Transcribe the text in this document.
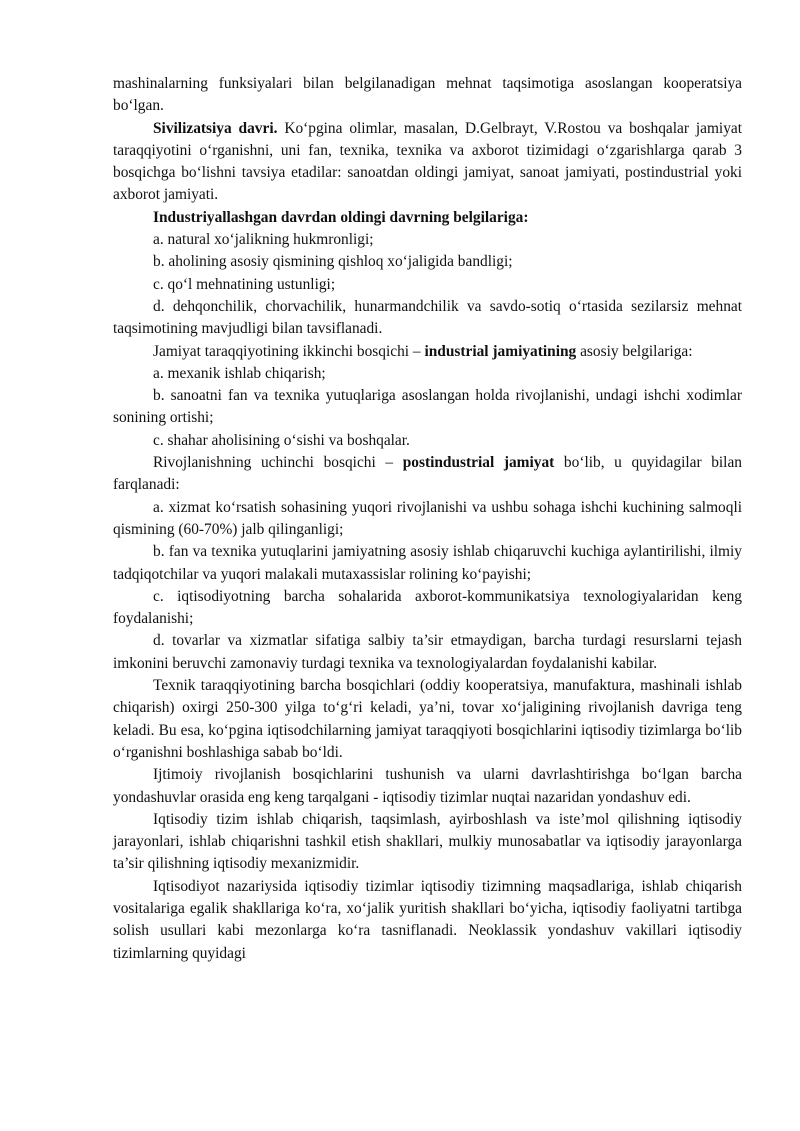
mashinalarning funksiyalari bilan belgilanadigan mehnat taqsimotiga asoslangan kooperatsiya bo‘lgan.

Sivilizatsiya davri. Ko‘pgina olimlar, masalan, D.Gelbrayt, V.Rostou va boshqalar jamiyat taraqqiyotini o‘rganishni, uni fan, texnika, texnika va axborot tizimidagi o‘zgarishlarga qarab 3 bosqichga bo‘lishni tavsiya etadilar: sanoatdan oldingi jamiyat, sanoat jamiyati, postindustrial yoki axborot jamiyati.

Industriyallashgan davrdan oldingi davrning belgilariga:

a. natural xo‘jalikning hukmronligi;

b. aholining asosiy qismining qishloq xo‘jaligida bandligi;

c. qo‘l mehnatining ustunligi;

d. dehqonchilik, chorvachilik, hunarmandchilik va savdo-sotiq o‘rtasida sezilarsiz mehnat taqsimotining mavjudligi bilan tavsiflanadi.

Jamiyat taraqqiyotining ikkinchi bosqichi – industrial jamiyatining asosiy belgilariga:

a. mexanik ishlab chiqarish;

b. sanoatni fan va texnika yutuqlariga asoslangan holda rivojlanishi, undagi ishchi xodimlar sonining ortishi;

c. shahar aholisining o‘sishi va boshqalar.

Rivojlanishning uchinchi bosqichi – postindustrial jamiyat bo‘lib, u quyidagilar bilan farqlanadi:

a. xizmat ko‘rsatish sohasining yuqori rivojlanishi va ushbu sohaga ishchi kuchining salmoqli qismining (60-70%) jalb qilinganligi;

b. fan va texnika yutuqlarini jamiyatning asosiy ishlab chiqaruvchi kuchiga aylantirilishi, ilmiy tadqiqotchilar va yuqori malakali mutaxassislar rolining ko‘payishi;

c. iqtisodiyotning barcha sohalarida axborot-kommunikatsiya texnologiyalaridan keng foydalanishi;

d. tovarlar va xizmatlar sifatiga salbiy ta’sir etmaydigan, barcha turdagi resurslarni tejash imkonini beruvchi zamonaviy turdagi texnika va texnologiyalardan foydalanishi kabilar.

Texnik taraqqiyotining barcha bosqichlari (oddiy kooperatsiya, manufaktura, mashinali ishlab chiqarish) oxirgi 250-300 yilga to‘g‘ri keladi, ya’ni, tovar xo‘jaligining rivojlanish davriga teng keladi. Bu esa, ko‘pgina iqtisodchilarning jamiyat taraqqiyoti bosqichlarini iqtisodiy tizimlarga bo‘lib o‘rganishni boshlashiga sabab bo‘ldi.

Ijtimoiy rivojlanish bosqichlarini tushunish va ularni davrlashtirishga bo‘lgan barcha yondashuvlar orasida eng keng tarqalgani - iqtisodiy tizimlar nuqtai nazaridan yondashuv edi.

Iqtisodiy tizim ishlab chiqarish, taqsimlash, ayirboshlash va iste’mol qilishning iqtisodiy jarayonlari, ishlab chiqarishni tashkil etish shakllari, mulkiy munosabatlar va iqtisodiy jarayonlarga ta’sir qilishning iqtisodiy mexanizmidir.

Iqtisodiyot nazariysida iqtisodiy tizimlar iqtisodiy tizimning maqsadlariga, ishlab chiqarish vositalariga egalik shakllariga ko‘ra, xo‘jalik yuritish shakllari bo‘yicha, iqtisodiy faoliyatni tartibga solish usullari kabi mezonlarga ko‘ra tasniflanadi. Neoklassik yondashuv vakillari iqtisodiy tizimlarning quyidagi
